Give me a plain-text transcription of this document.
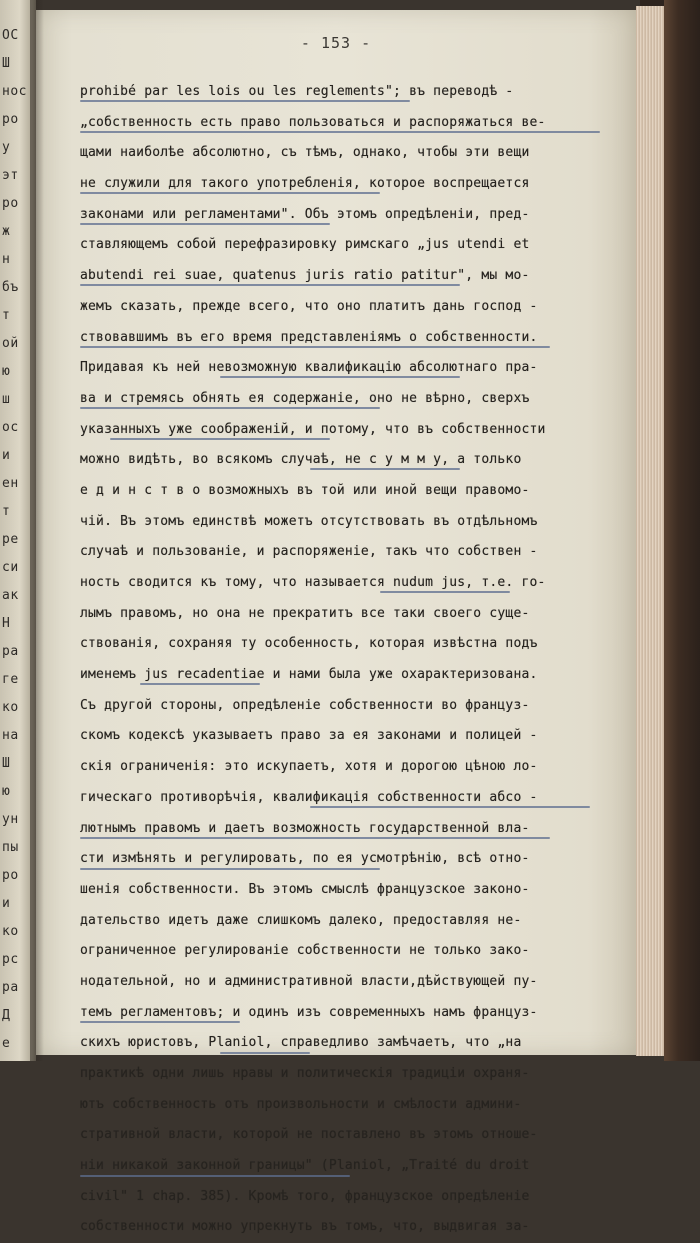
ОС
Ш
нос
ро
у
эт
ро
ж
н
бъ
т
ой
ю
ш
ос
и
ен
т
ре
си
ак
Н
ра
ге
ко
на
Ш
ю
ун
пы
ро
и
ко
рс
ра
Д
е
- 153 -
prohibé par les lois ou les reglements"; въ переводѣ -
„собственность есть право пользоваться и распоряжаться ве-
щами наиболѣе абсолютно, съ тѣмъ, однако, чтобы эти вещи
не служили для такого употребленія, которое воспрещается
законами или регламентами". Объ этомъ опредѣленіи, пред-
ставляющемъ собой перефразировку римскаго „jus utendi et
abutendi rei suae, quatenus juris ratio patitur", мы мо-
жемъ сказать, прежде всего, что оно платитъ дань господ -
ствовавшимъ въ его время представленіямъ о собственности.
Придавая къ ней невозможную квалификацію абсолютнаго пра-
ва и стремясь обнять ея содержаніе, оно не вѣрно, сверхъ
указанныхъ уже соображеній, и потому, что въ собственности
можно видѣть, во всякомъ случаѣ, не с у м м у, а только
е д и н с т в о возможныхъ въ той или иной вещи правомо-
чій. Въ этомъ единствѣ можетъ отсутствовать въ отдѣльномъ
случаѣ и пользованіе, и распоряженіе, такъ что собствен -
ность сводится къ тому, что называется nudum jus, т.е. го-
лымъ правомъ, но она не прекратитъ все таки своего суще-
ствованія, сохраняя ту особенность, которая извѣстна подъ
именемъ jus recadentiae и нами была уже охарактеризована.
Съ другой стороны, опредѣленіе собственности во француз-
скомъ кодексѣ указываетъ право за ея законами и полицей -
скія ограниченія: это искупаетъ, хотя и дорогою цѣною ло-
гическаго противорѣчія, квалификація собственности абсо -
лютнымъ правомъ и даетъ возможность государственной вла-
сти измѣнять и регулировать, по ея усмотрѣнію, всѣ отно-
шенія собственности. Въ этомъ смыслѣ французское законо-
дательство идетъ даже слишкомъ далеко, предоставляя не-
ограниченное регулированіе собственности не только зако-
нодательной, но и административной власти,дѣйствующей пу-
темъ регламентовъ; и одинъ изъ современныхъ намъ француз-
скихъ юристовъ, Planiol, справедливо замѣчаетъ, что „на
практикѣ одни лишь нравы и политическія традиціи охраня-
ютъ собственность отъ произвольности и смѣлости админи-
стративной власти, которой не поставлено въ этомъ отноше-
ніи никакой законной границы" (Planiol, „Traité du droit
civil" 1 chap. 385). Кромѣ того, французское опредѣленіе
собственности можно упрекнуть въ томъ, что, выдвигая за-
